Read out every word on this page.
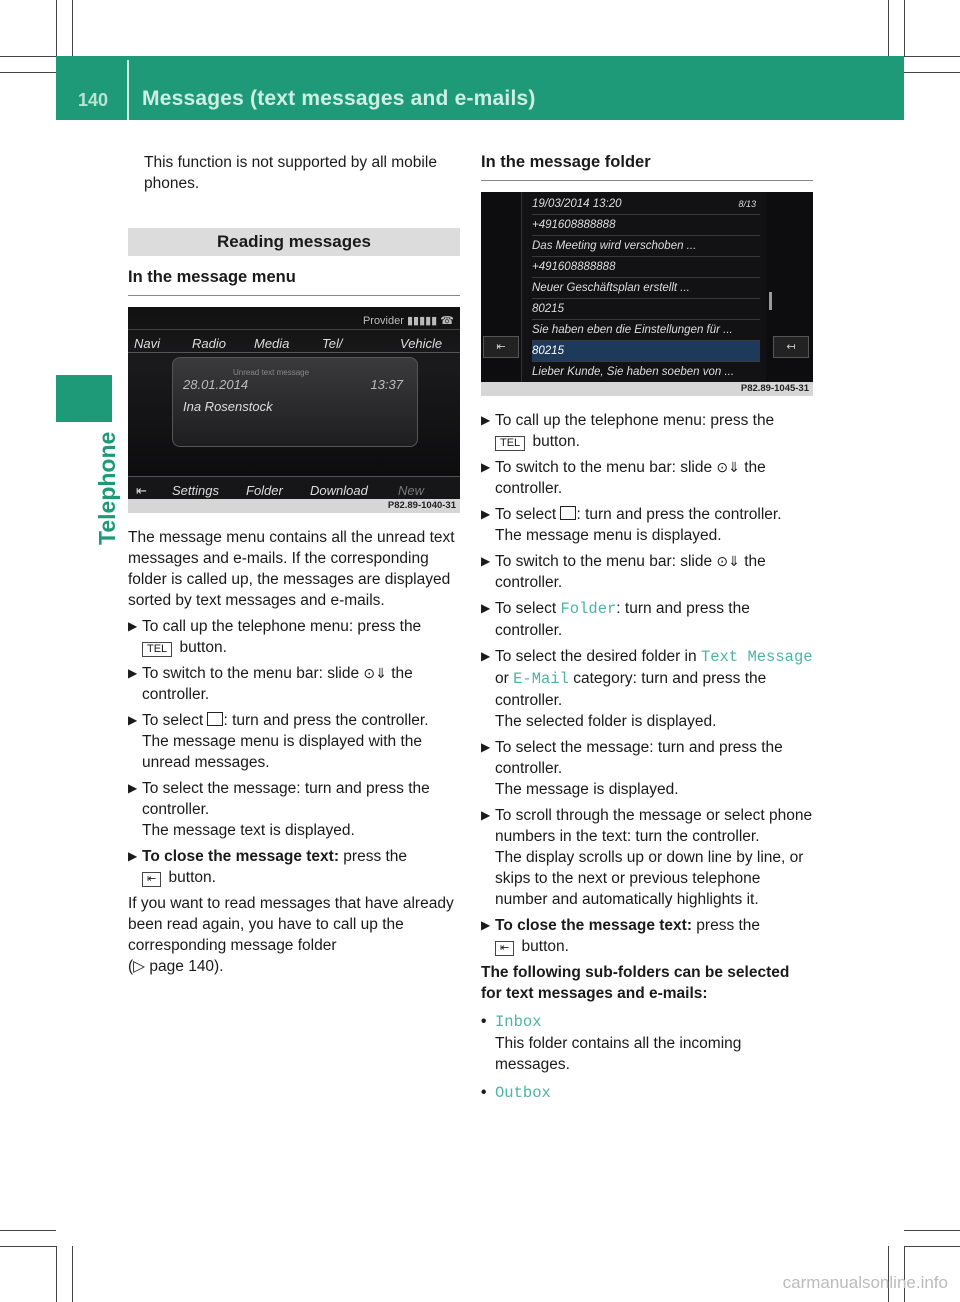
140 Messages (text messages and e-mails)
Telephone

This function is not supported by all mobile phones.

Reading messages
In the message menu
Provider ▮▮▮▮▮ ☎
Navi Radio Media	Tel/	Vehicle
Unread text message
28.01.2014	13:37
Ina Rosenstock
⇤ Settings Folder Download New
P82.89-1040-31

The message menu contains all the unread text messages and e-mails. If the corresponding folder is called up, the messages are displayed sorted by text messages and e-mails.

▶ To call up the telephone menu: press the
TEL button.
▶ To switch to the menu bar: slide ⊙⇓ the controller.
▶ To select : turn and press the controller.
The message menu is displayed with the unread messages.
▶ To select the message: turn and press the controller.
The message text is displayed.
▶ To close the message text: press the
⇤ button.

If you want to read messages that have already been read again, you have to call up the corresponding message folder
(▷ page 140).

In the message folder
⇤	↤
19/03/2014 13:20	8/13
+491608888888
Das Meeting wird verschoben ...
+491608888888
Neuer Geschäftsplan erstellt ...
80215
Sie haben eben die Einstellungen für ...
80215
Lieber Kunde, Sie haben soeben von ...
P82.89-1045-31
▶ To call up the telephone menu: press the
TEL button.
▶ To switch to the menu bar: slide ⊙⇓ the controller.
▶ To select : turn and press the controller.
The message menu is displayed.
▶ To switch to the menu bar: slide ⊙⇓ the controller.
▶ To select Folder: turn and press the controller.
▶ To select the desired folder in Text Message or E-Mail category: turn and press the controller.
The selected folder is displayed.
▶ To select the message: turn and press the controller.
The message is displayed.
▶ To scroll through the message or select phone numbers in the text: turn the controller.
The display scrolls up or down line by line, or skips to the next or previous telephone number and automatically highlights it.
▶ To close the message text: press the
⇤ button.

The following sub-folders can be selected for text messages and e-mails:

• Inbox
This folder contains all the incoming messages.
• Outbox
carmanualsonline.info
